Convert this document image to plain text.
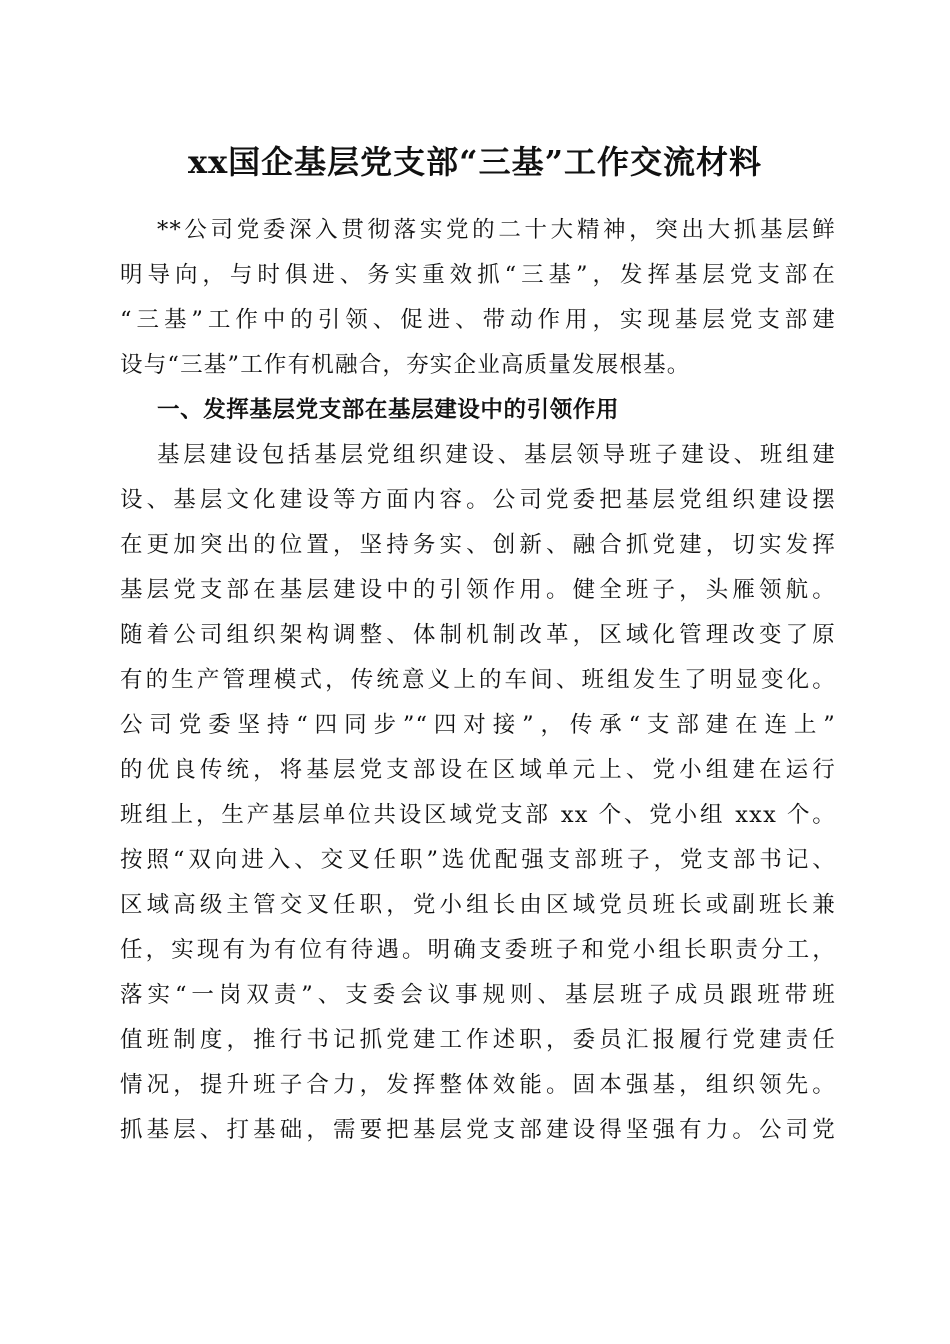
xx国企基层党支部“三基”工作交流材料
**公司党委深入贯彻落实党的二十大精神，突出大抓基层鲜
明导向，与时俱进、务实重效抓“三基”，发挥基层党支部在
“三基”工作中的引领、促进、带动作用，实现基层党支部建
设与“三基”工作有机融合，夯实企业高质量发展根基。
一、发挥基层党支部在基层建设中的引领作用
基层建设包括基层党组织建设、基层领导班子建设、班组建
设、基层文化建设等方面内容。公司党委把基层党组织建设摆
在更加突出的位置，坚持务实、创新、融合抓党建，切实发挥
基层党支部在基层建设中的引领作用。健全班子，头雁领航。
随着公司组织架构调整、体制机制改革，区域化管理改变了原
有的生产管理模式，传统意义上的车间、班组发生了明显变化。
公司党委坚持“四同步”“四对接”，传承“支部建在连上”
的优良传统，将基层党支部设在区域单元上、党小组建在运行
班组上，生产基层单位共设区域党支部 xx 个、党小组 xxx 个。
按照“双向进入、交叉任职”选优配强支部班子，党支部书记、
区域高级主管交叉任职，党小组长由区域党员班长或副班长兼
任，实现有为有位有待遇。明确支委班子和党小组长职责分工，
落实“一岗双责”、支委会议事规则、基层班子成员跟班带班
值班制度，推行书记抓党建工作述职，委员汇报履行党建责任
情况，提升班子合力，发挥整体效能。固本强基，组织领先。
抓基层、打基础，需要把基层党支部建设得坚强有力。公司党
